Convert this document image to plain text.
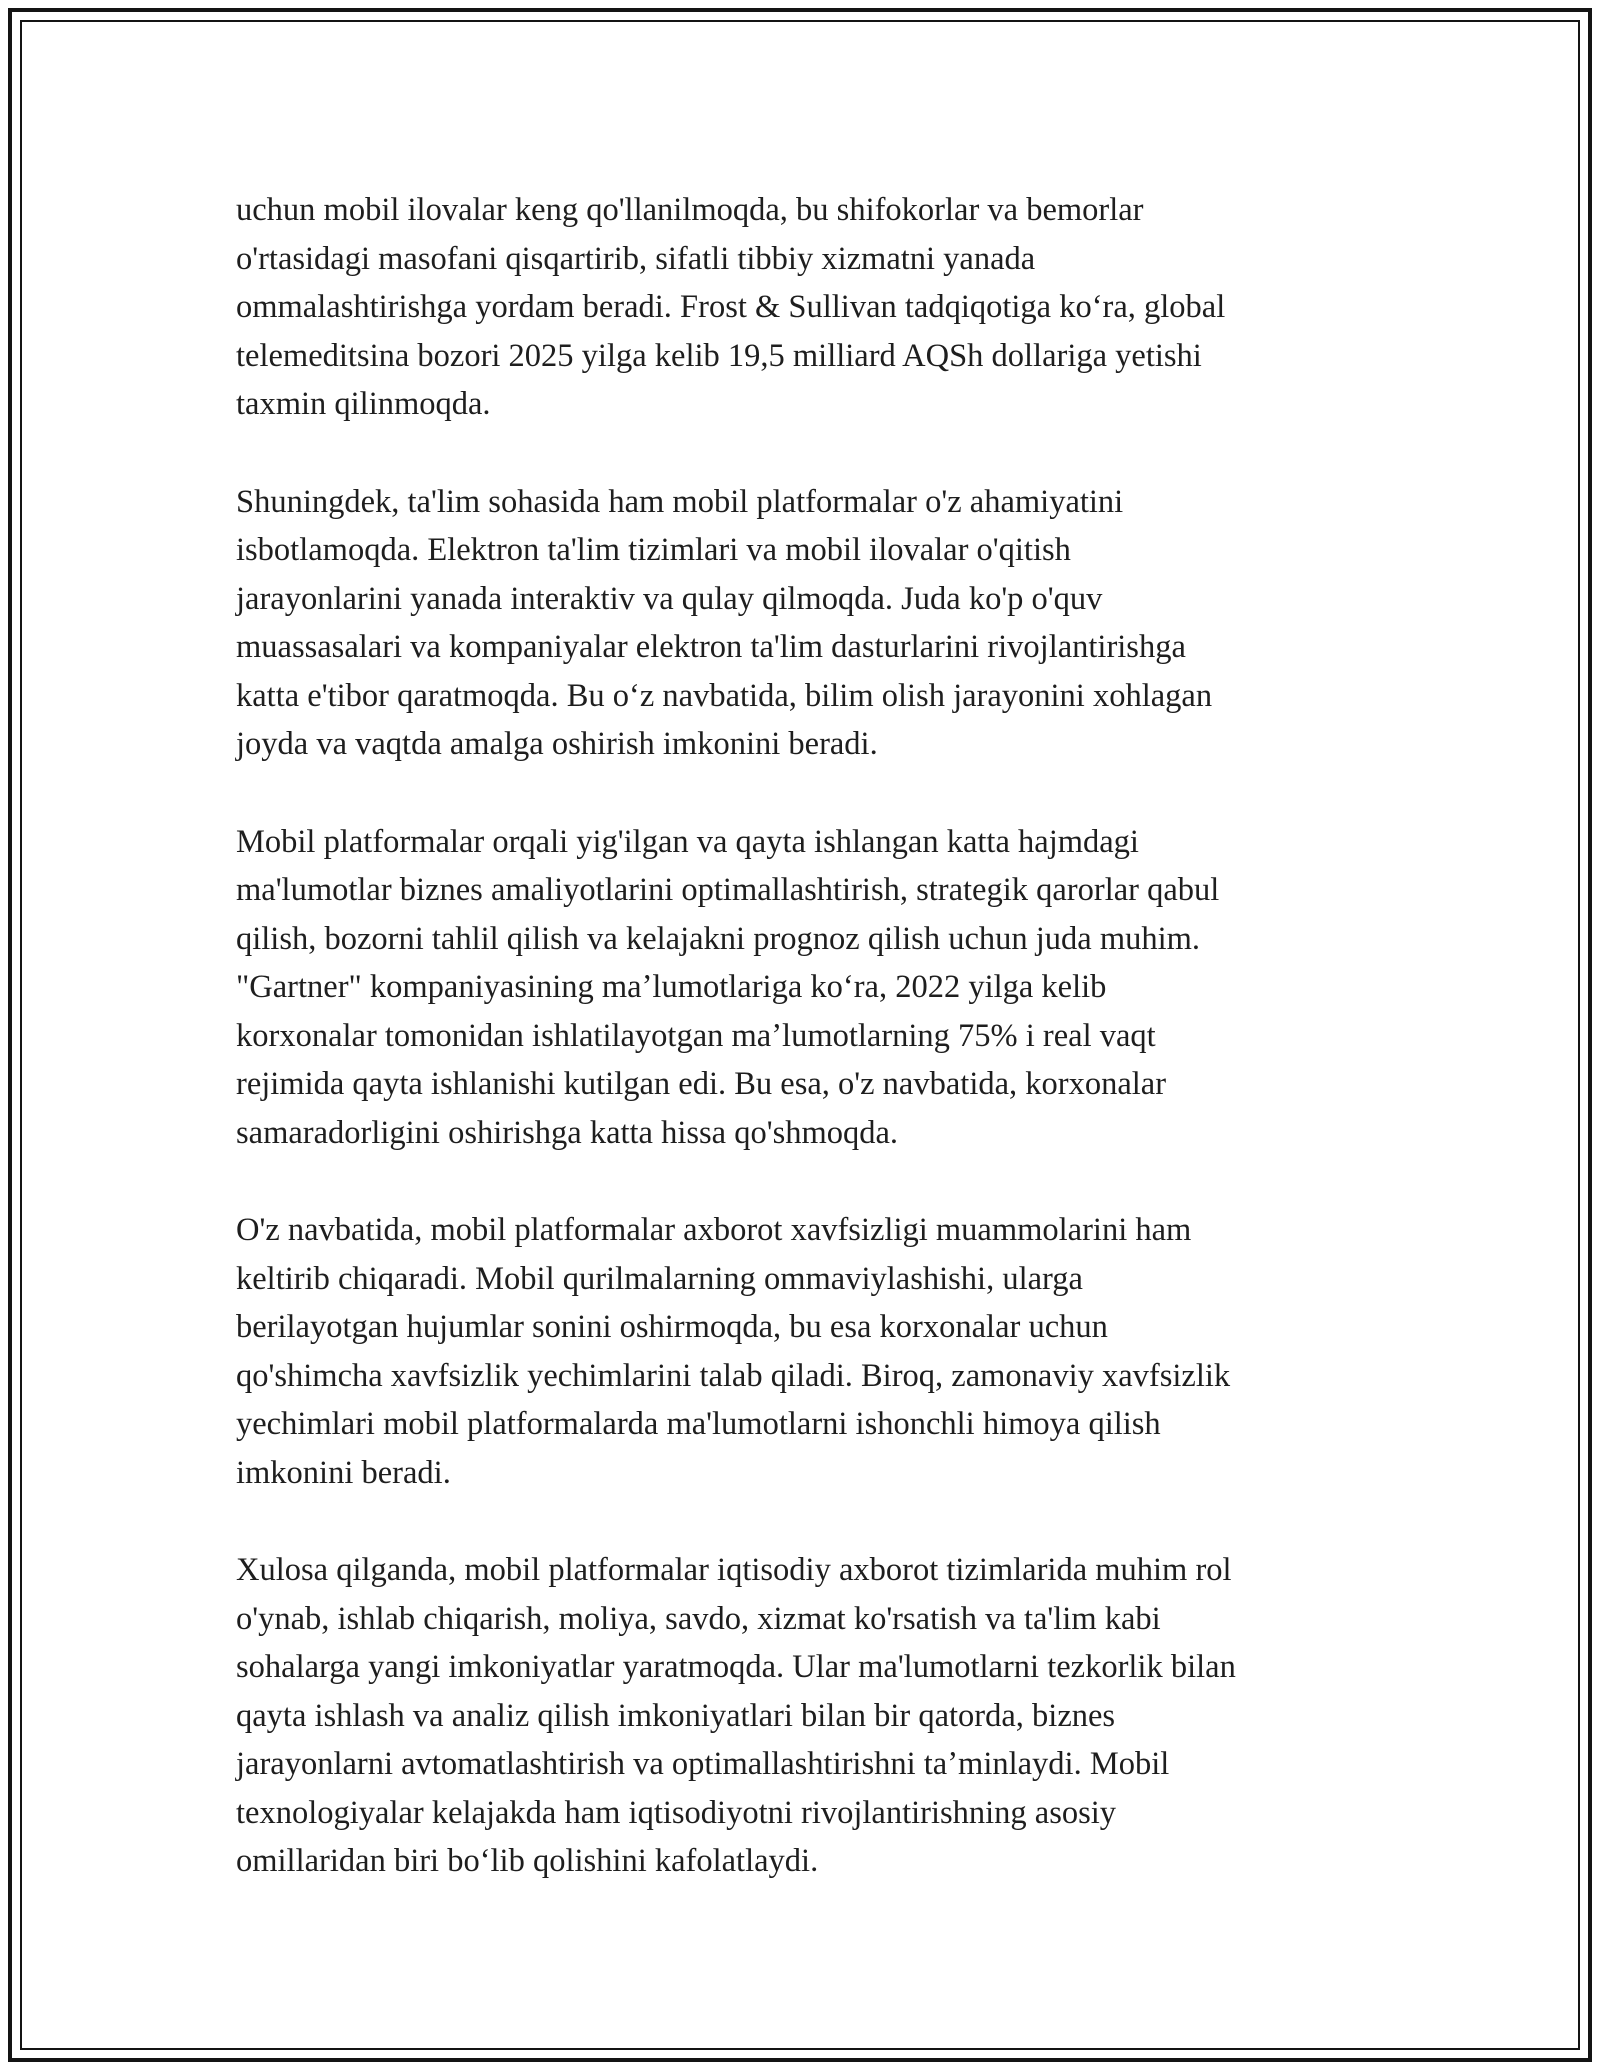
uchun mobil ilovalar keng qo'llanilmoqda, bu shifokorlar va bemorlar
o'rtasidagi masofani qisqartirib, sifatli tibbiy xizmatni yanada
ommalashtirishga yordam beradi. Frost & Sullivan tadqiqotiga koʻra, global
telemeditsina bozori 2025 yilga kelib 19,5 milliard AQSh dollariga yetishi
taxmin qilinmoqda.

Shuningdek, ta'lim sohasida ham mobil platformalar o'z ahamiyatini
isbotlamoqda. Elektron ta'lim tizimlari va mobil ilovalar o'qitish
jarayonlarini yanada interaktiv va qulay qilmoqda. Juda ko'p o'quv
muassasalari va kompaniyalar elektron ta'lim dasturlarini rivojlantirishga
katta e'tibor qaratmoqda. Bu oʻz navbatida, bilim olish jarayonini xohlagan
joyda va vaqtda amalga oshirish imkonini beradi.

Mobil platformalar orqali yig'ilgan va qayta ishlangan katta hajmdagi
ma'lumotlar biznes amaliyotlarini optimallashtirish, strategik qarorlar qabul
qilish, bozorni tahlil qilish va kelajakni prognoz qilish uchun juda muhim.
"Gartner" kompaniyasining maʼlumotlariga koʻra, 2022 yilga kelib
korxonalar tomonidan ishlatilayotgan maʼlumotlarning 75% i real vaqt
rejimida qayta ishlanishi kutilgan edi. Bu esa, o'z navbatida, korxonalar
samaradorligini oshirishga katta hissa qo'shmoqda.

O'z navbatida, mobil platformalar axborot xavfsizligi muammolarini ham
keltirib chiqaradi. Mobil qurilmalarning ommaviylashishi, ularga
berilayotgan hujumlar sonini oshirmoqda, bu esa korxonalar uchun
qo'shimcha xavfsizlik yechimlarini talab qiladi. Biroq, zamonaviy xavfsizlik
yechimlari mobil platformalarda ma'lumotlarni ishonchli himoya qilish
imkonini beradi.

Xulosa qilganda, mobil platformalar iqtisodiy axborot tizimlarida muhim rol
o'ynab, ishlab chiqarish, moliya, savdo, xizmat ko'rsatish va ta'lim kabi
sohalarga yangi imkoniyatlar yaratmoqda. Ular ma'lumotlarni tezkorlik bilan
qayta ishlash va analiz qilish imkoniyatlari bilan bir qatorda, biznes
jarayonlarni avtomatlashtirish va optimallashtirishni taʼminlaydi. Mobil
texnologiyalar kelajakda ham iqtisodiyotni rivojlantirishning asosiy
omillaridan biri boʻlib qolishini kafolatlaydi.
